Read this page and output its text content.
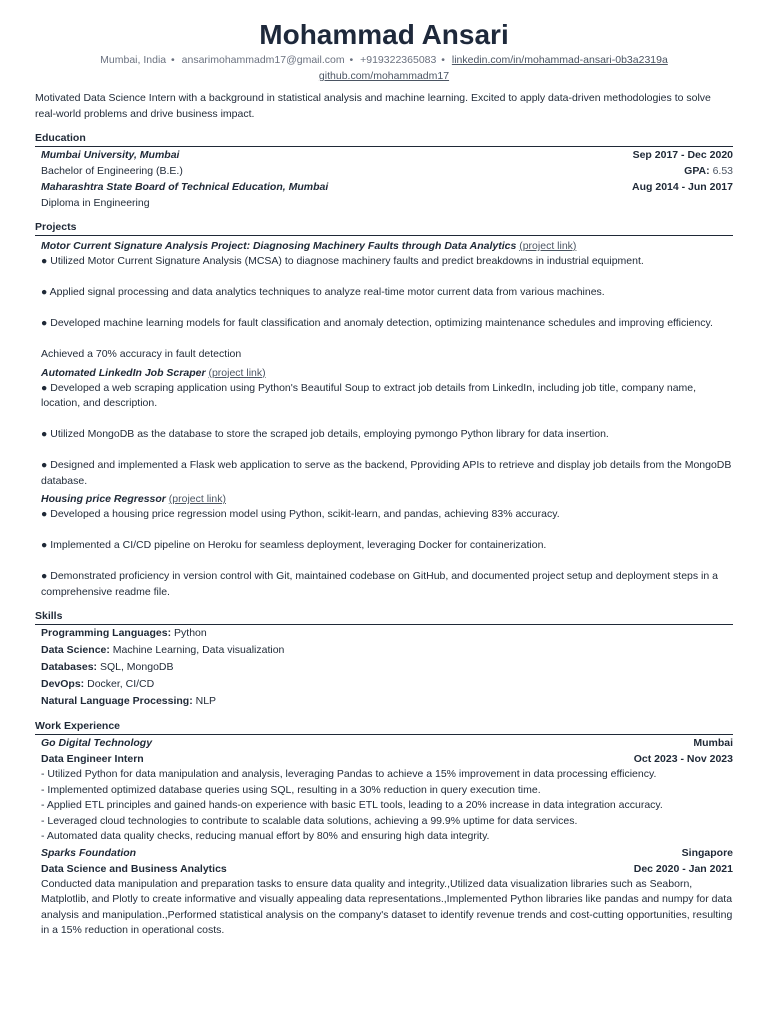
Mohammad Ansari
Mumbai, India • ansarimohammadm17@gmail.com • +919322365083 • linkedin.com/in/mohammad-ansari-0b3a2319a
github.com/mohammadm17
Motivated Data Science Intern with a background in statistical analysis and machine learning. Excited to apply data-driven methodologies to solve real-world problems and drive business impact.
Education
Mumbai University, Mumbai	Sep 2017 - Dec 2020
Bachelor of Engineering (B.E.)	GPA: 6.53
Maharashtra State Board of Technical Education, Mumbai	Aug 2014 - Jun 2017
Diploma in Engineering
Projects
Motor Current Signature Analysis Project: Diagnosing Machinery Faults through Data Analytics (project link)
● Utilized Motor Current Signature Analysis (MCSA) to diagnose machinery faults and predict breakdowns in industrial equipment.
● Applied signal processing and data analytics techniques to analyze real-time motor current data from various machines.
● Developed machine learning models for fault classification and anomaly detection, optimizing maintenance schedules and improving efficiency.
Achieved a 70% accuracy in fault detection
Automated LinkedIn Job Scraper (project link)
● Developed a web scraping application using Python's Beautiful Soup to extract job details from LinkedIn, including job title, company name, location, and description.
● Utilized MongoDB as the database to store the scraped job details, employing pymongo Python library for data insertion.
● Designed and implemented a Flask web application to serve as the backend, Pproviding APIs to retrieve and display job details from the MongoDB database.
Housing price Regressor (project link)
● Developed a housing price regression model using Python, scikit-learn, and pandas, achieving 83% accuracy.
● Implemented a CI/CD pipeline on Heroku for seamless deployment, leveraging Docker for containerization.
● Demonstrated proficiency in version control with Git, maintained codebase on GitHub, and documented project setup and deployment steps in a comprehensive readme file.
Skills
Programming Languages: Python
Data Science: Machine Learning, Data visualization
Databases: SQL, MongoDB
DevOps: Docker, CI/CD
Natural Language Processing: NLP
Work Experience
Go Digital Technology	Mumbai
Data Engineer Intern	Oct 2023 - Nov 2023
- Utilized Python for data manipulation and analysis, leveraging Pandas to achieve a 15% improvement in data processing efficiency.
- Implemented optimized database queries using SQL, resulting in a 30% reduction in query execution time.
- Applied ETL principles and gained hands-on experience with basic ETL tools, leading to a 20% increase in data integration accuracy.
- Leveraged cloud technologies to contribute to scalable data solutions, achieving a 99.9% uptime for data services.
- Automated data quality checks, reducing manual effort by 80% and ensuring high data integrity.
Sparks Foundation	Singapore
Data Science and Business Analytics	Dec 2020 - Jan 2021
Conducted data manipulation and preparation tasks to ensure data quality and integrity.,Utilized data visualization libraries such as Seaborn, Matplotlib, and Plotly to create informative and visually appealing data representations.,Implemented Python libraries like pandas and numpy for data analysis and manipulation.,Performed statistical analysis on the company's dataset to identify revenue trends and cost-cutting opportunities, resulting in a 15% reduction in operational costs.
